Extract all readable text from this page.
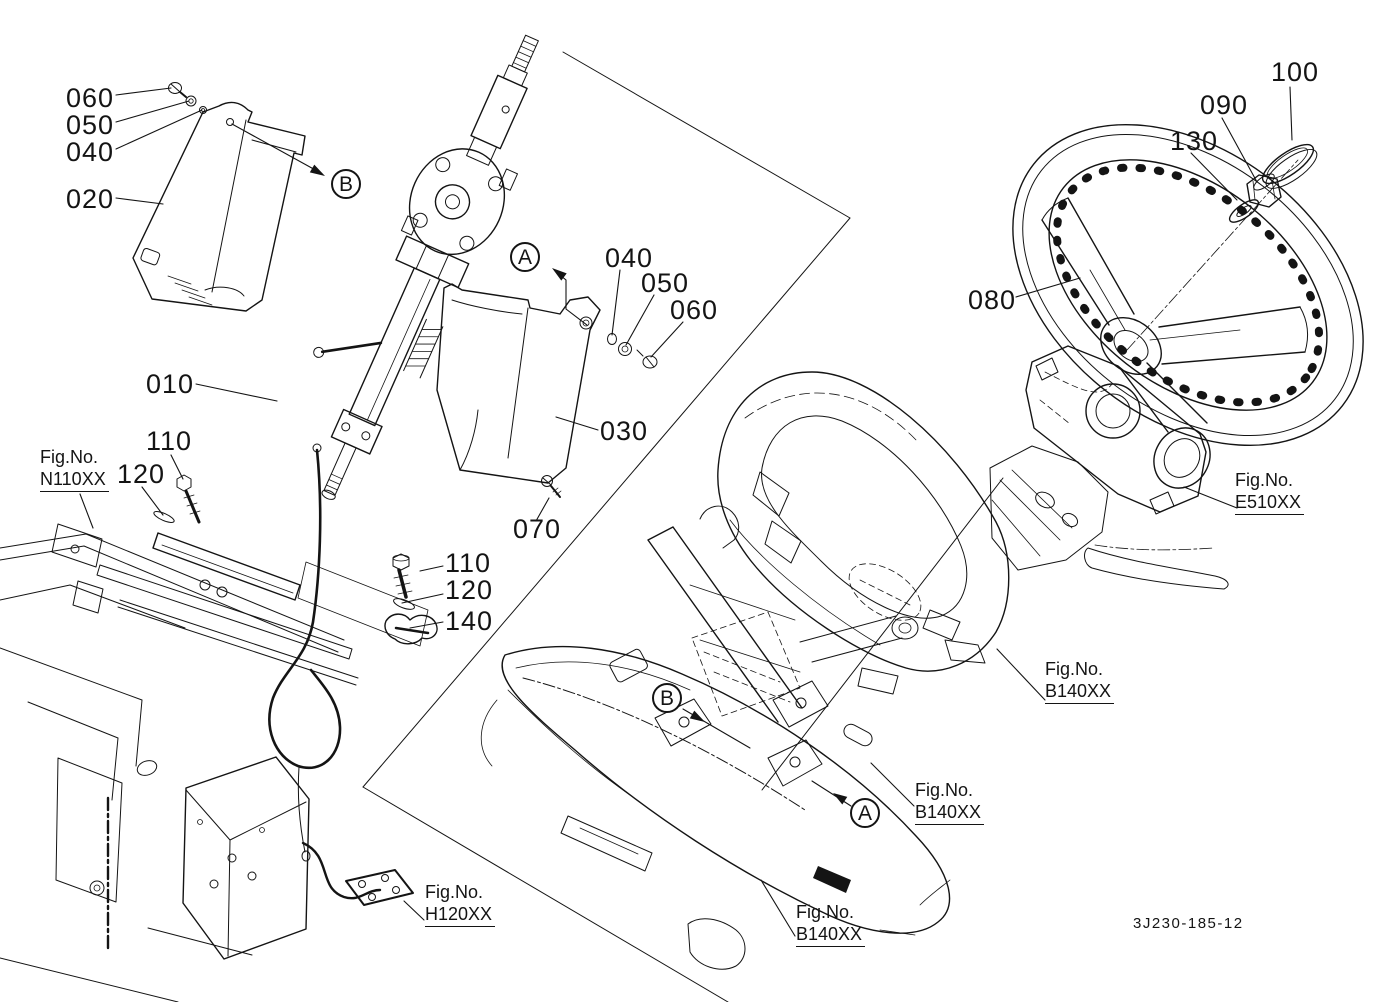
060
050
040
020
010
110
120
040
050
060
030
070
110
120
140
100
090
130
080
Fig.No.
N110XX	Fig.No.
E510XX
Fig.No.
B140XX
Fig.No.
B140XX
Fig.No.
B140XX
Fig.No.
H120XX
B
A
B
A
3J230-185-12
